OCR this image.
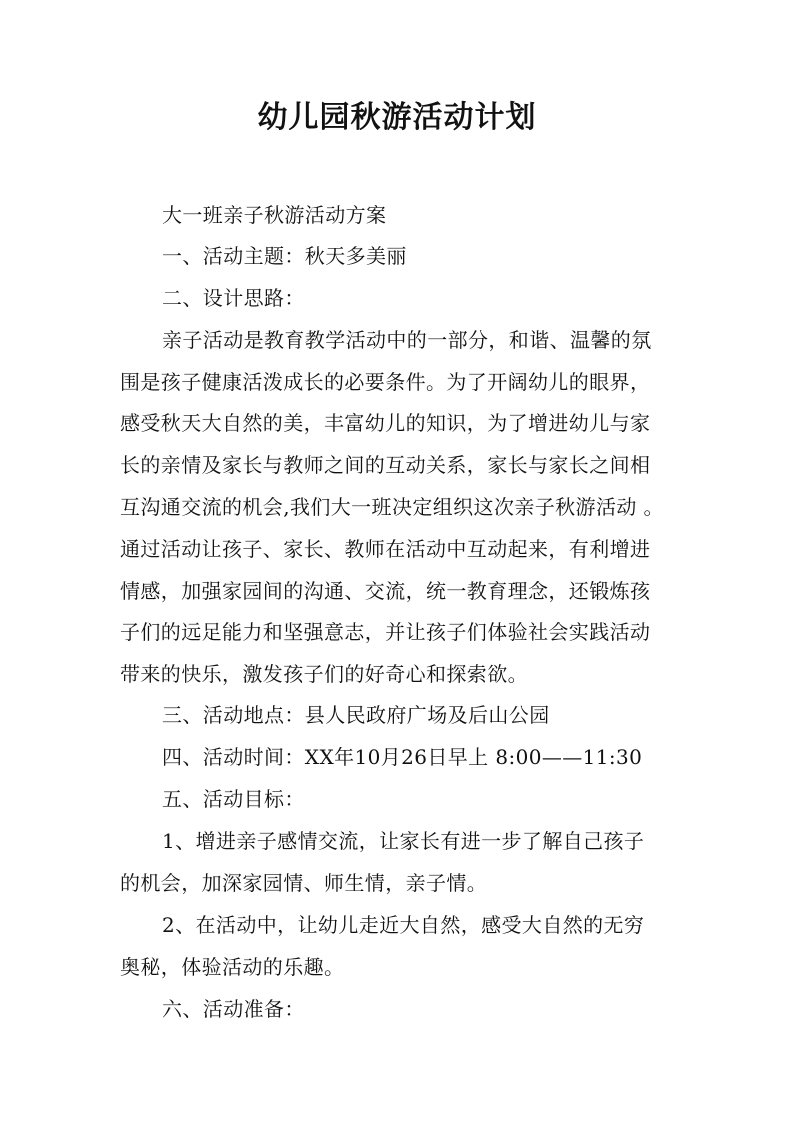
幼儿园秋游活动计划
大一班亲子秋游活动方案
一、活动主题：秋天多美丽
二、设计思路：
亲子活动是教育教学活动中的一部分，和谐、温馨的氛
围是孩子健康活泼成长的必要条件。为了开阔幼儿的眼界，
感受秋天大自然的美，丰富幼儿的知识，为了增进幼儿与家
长的亲情及家长与教师之间的互动关系，家长与家长之间相
互沟通交流的机会,我们大一班决定组织这次亲子秋游活动 。
通过活动让孩子、家长、教师在活动中互动起来，有利增进
情感，加强家园间的沟通、交流，统一教育理念，还锻炼孩
子们的远足能力和坚强意志，并让孩子们体验社会实践活动
带来的快乐，激发孩子们的好奇心和探索欲。
三、活动地点：县人民政府广场及后山公园
四、活动时间：XX年10月26日早上 8:00——11:30
五、活动目标：
1、增进亲子感情交流，让家长有进一步了解自己孩子
的机会，加深家园情、师生情，亲子情。
2、在活动中，让幼儿走近大自然，感受大自然的无穷
奥秘，体验活动的乐趣。
六、活动准备：
